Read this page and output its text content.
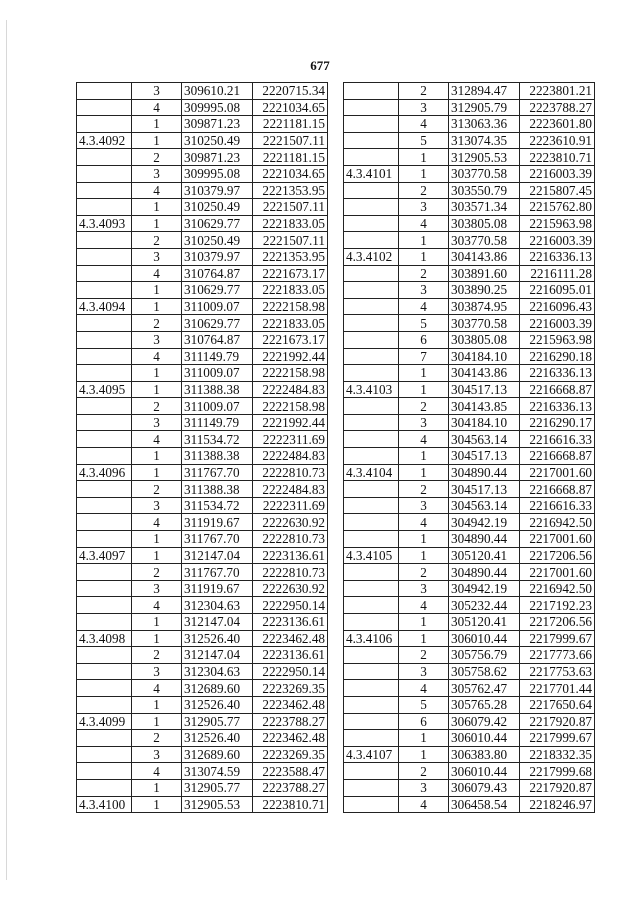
677
	3	309610.21	2220715.34
	4	309995.08	2221034.65
	1	309871.23	2221181.15
4.3.4092	1	310250.49	2221507.11
	2	309871.23	2221181.15
	3	309995.08	2221034.65
	4	310379.97	2221353.95
	1	310250.49	2221507.11
4.3.4093	1	310629.77	2221833.05
	2	310250.49	2221507.11
	3	310379.97	2221353.95
	4	310764.87	2221673.17
	1	310629.77	2221833.05
4.3.4094	1	311009.07	2222158.98
	2	310629.77	2221833.05
	3	310764.87	2221673.17
	4	311149.79	2221992.44
	1	311009.07	2222158.98
4.3.4095	1	311388.38	2222484.83
	2	311009.07	2222158.98
	3	311149.79	2221992.44
	4	311534.72	2222311.69
	1	311388.38	2222484.83
4.3.4096	1	311767.70	2222810.73
	2	311388.38	2222484.83
	3	311534.72	2222311.69
	4	311919.67	2222630.92
	1	311767.70	2222810.73
4.3.4097	1	312147.04	2223136.61
	2	311767.70	2222810.73
	3	311919.67	2222630.92
	4	312304.63	2222950.14
	1	312147.04	2223136.61
4.3.4098	1	312526.40	2223462.48
	2	312147.04	2223136.61
	3	312304.63	2222950.14
	4	312689.60	2223269.35
	1	312526.40	2223462.48
4.3.4099	1	312905.77	2223788.27
	2	312526.40	2223462.48
	3	312689.60	2223269.35
	4	313074.59	2223588.47
	1	312905.77	2223788.27
4.3.4100	1	312905.53	2223810.71
	2	312894.47	2223801.21
	3	312905.79	2223788.27
	4	313063.36	2223601.80
	5	313074.35	2223610.91
	1	312905.53	2223810.71
4.3.4101	1	303770.58	2216003.39
	2	303550.79	2215807.45
	3	303571.34	2215762.80
	4	303805.08	2215963.98
	1	303770.58	2216003.39
4.3.4102	1	304143.86	2216336.13
	2	303891.60	2216111.28
	3	303890.25	2216095.01
	4	303874.95	2216096.43
	5	303770.58	2216003.39
	6	303805.08	2215963.98
	7	304184.10	2216290.18
	1	304143.86	2216336.13
4.3.4103	1	304517.13	2216668.87
	2	304143.85	2216336.13
	3	304184.10	2216290.17
	4	304563.14	2216616.33
	1	304517.13	2216668.87
4.3.4104	1	304890.44	2217001.60
	2	304517.13	2216668.87
	3	304563.14	2216616.33
	4	304942.19	2216942.50
	1	304890.44	2217001.60
4.3.4105	1	305120.41	2217206.56
	2	304890.44	2217001.60
	3	304942.19	2216942.50
	4	305232.44	2217192.23
	1	305120.41	2217206.56
4.3.4106	1	306010.44	2217999.67
	2	305756.79	2217773.66
	3	305758.62	2217753.63
	4	305762.47	2217701.44
	5	305765.28	2217650.64
	6	306079.42	2217920.87
	1	306010.44	2217999.67
4.3.4107	1	306383.80	2218332.35
	2	306010.44	2217999.68
	3	306079.43	2217920.87
	4	306458.54	2218246.97
